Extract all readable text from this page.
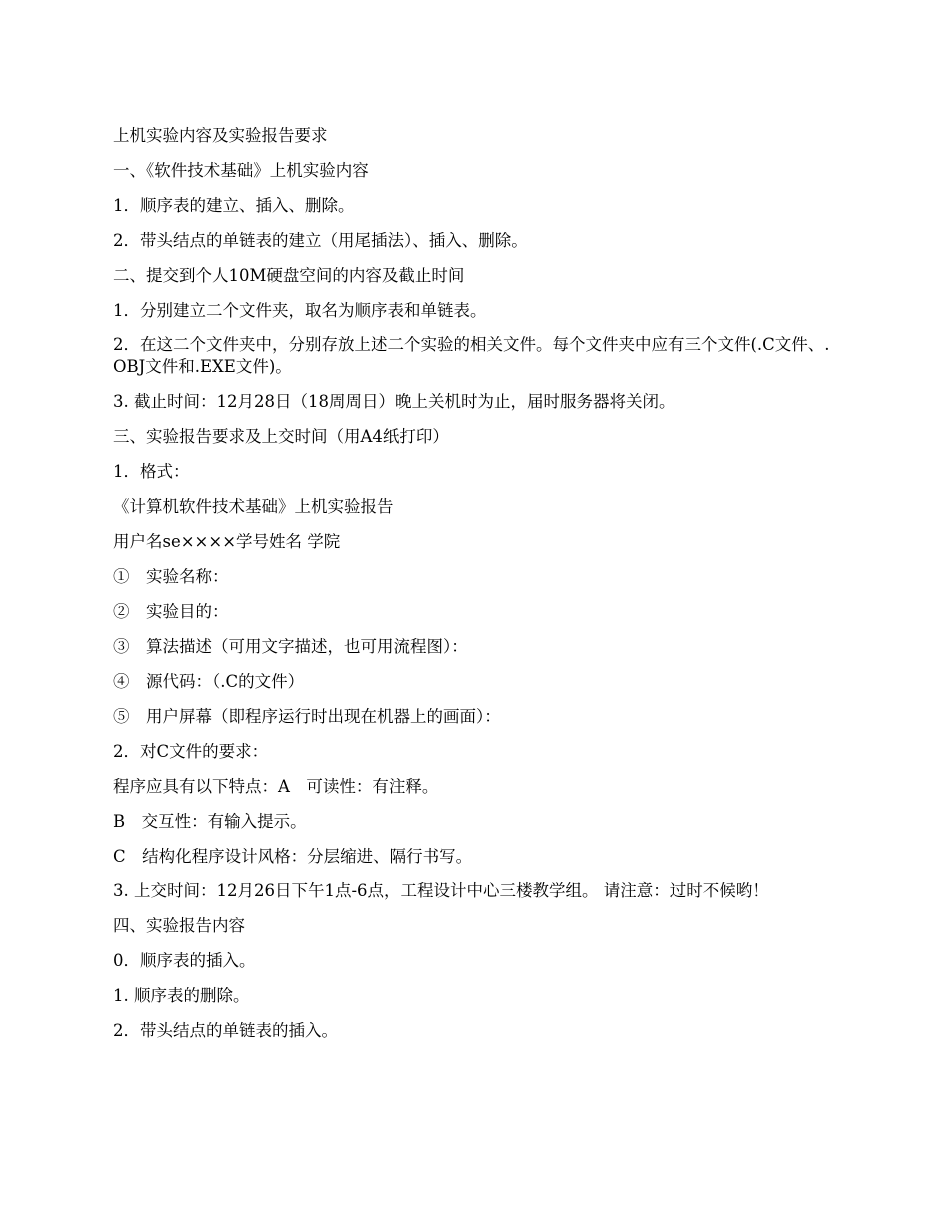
上机实验内容及实验报告要求

一、《软件技术基础》上机实验内容

1．顺序表的建立、插入、删除。

2．带头结点的单链表的建立（用尾插法）、插入、删除。

二、提交到个人10M硬盘空间的内容及截止时间

1．分别建立二个文件夹，取名为顺序表和单链表。

2．在这二个文件夹中，分别存放上述二个实验的相关文件。每个文件夹中应有三个文件(.C文件、.OBJ文件和.EXE文件)。

3. 截止时间：12月28日（18周周日）晚上关机时为止，届时服务器将关闭。

三、实验报告要求及上交时间（用A4纸打印）

1．格式：

《计算机软件技术基础》上机实验报告

用户名se××××学号姓名 学院

①　实验名称：

②　实验目的：

③　算法描述（可用文字描述，也可用流程图）：

④　源代码：（.C的文件）

⑤　用户屏幕（即程序运行时出现在机器上的画面）：

2．对C文件的要求：

程序应具有以下特点：A　可读性：有注释。

B　交互性：有输入提示。

C　结构化程序设计风格：分层缩进、隔行书写。

3. 上交时间：12月26日下午1点-6点，工程设计中心三楼教学组。 请注意：过时不候哟！

四、实验报告内容

0．顺序表的插入。

1. 顺序表的删除。

2．带头结点的单链表的插入。
